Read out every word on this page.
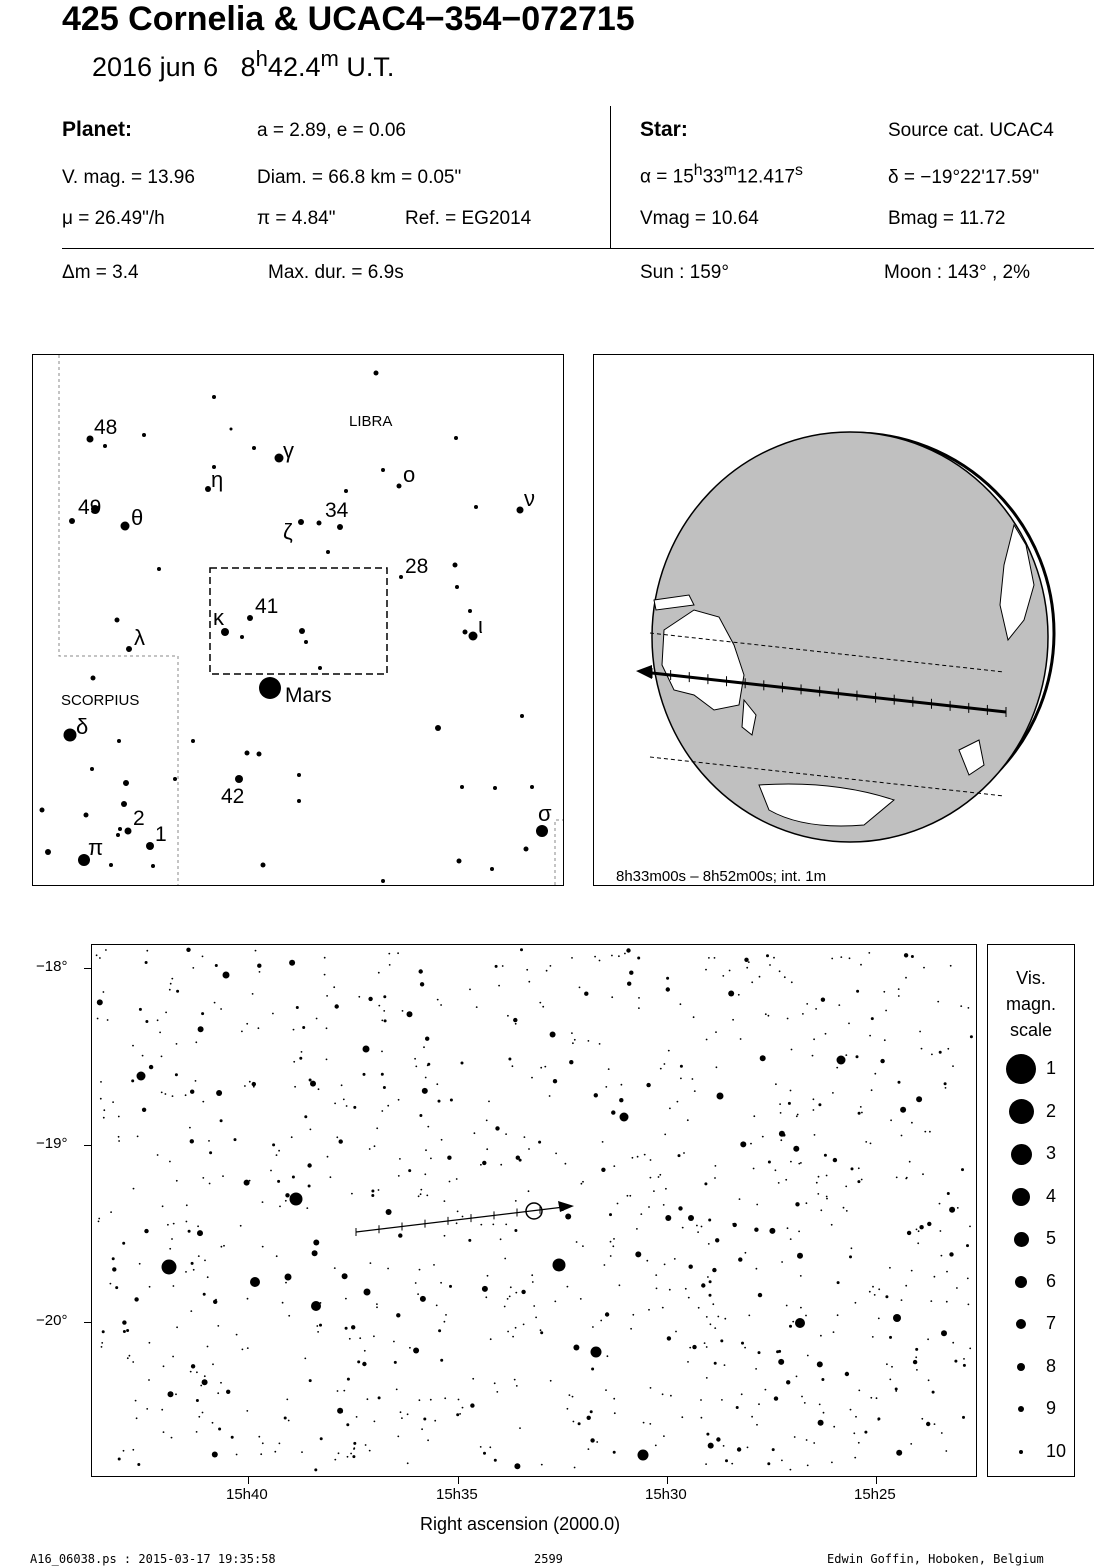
425 Cornelia & UCAC4−354−072715
2016 jun 6 8$^h$42.4$^m$ U.T.
Planet:	a = 2.89, e = 0.06
V. mag. = 13.96	Diam. = 66.8 km = 0.05"
μ = 26.49"/h	π = 4.84"	Ref. = EG2014
Star:	Source cat. UCAC4
$\alpha = 15^h33^m12.417^s$	δ = −19°22'17.59"
Vmag = 10.64	Bmag = 11.72
Δm = 3.4	Max. dur. = 6.9s	Sun : 159°	Moon : 143° , 2%
LIBRA
SCORPIUS	Mars
48
49	34
28
41
42
2
1
γ
η	ο
ν
θ
ζ
κ
λ	ι
δ
σ
π
8h33m00s – 8h52m00s; int. 1m
−18°
−19°
−20°
15h40	15h35	15h30	15h25
Right ascension (2000.0)
Vis.
magn.
scale
1
2
3
4
5
6
7
8
9
10
A16_06038.ps : 2015-03-17 19:35:58	2599	Edwin Goffin, Hoboken, Belgium
